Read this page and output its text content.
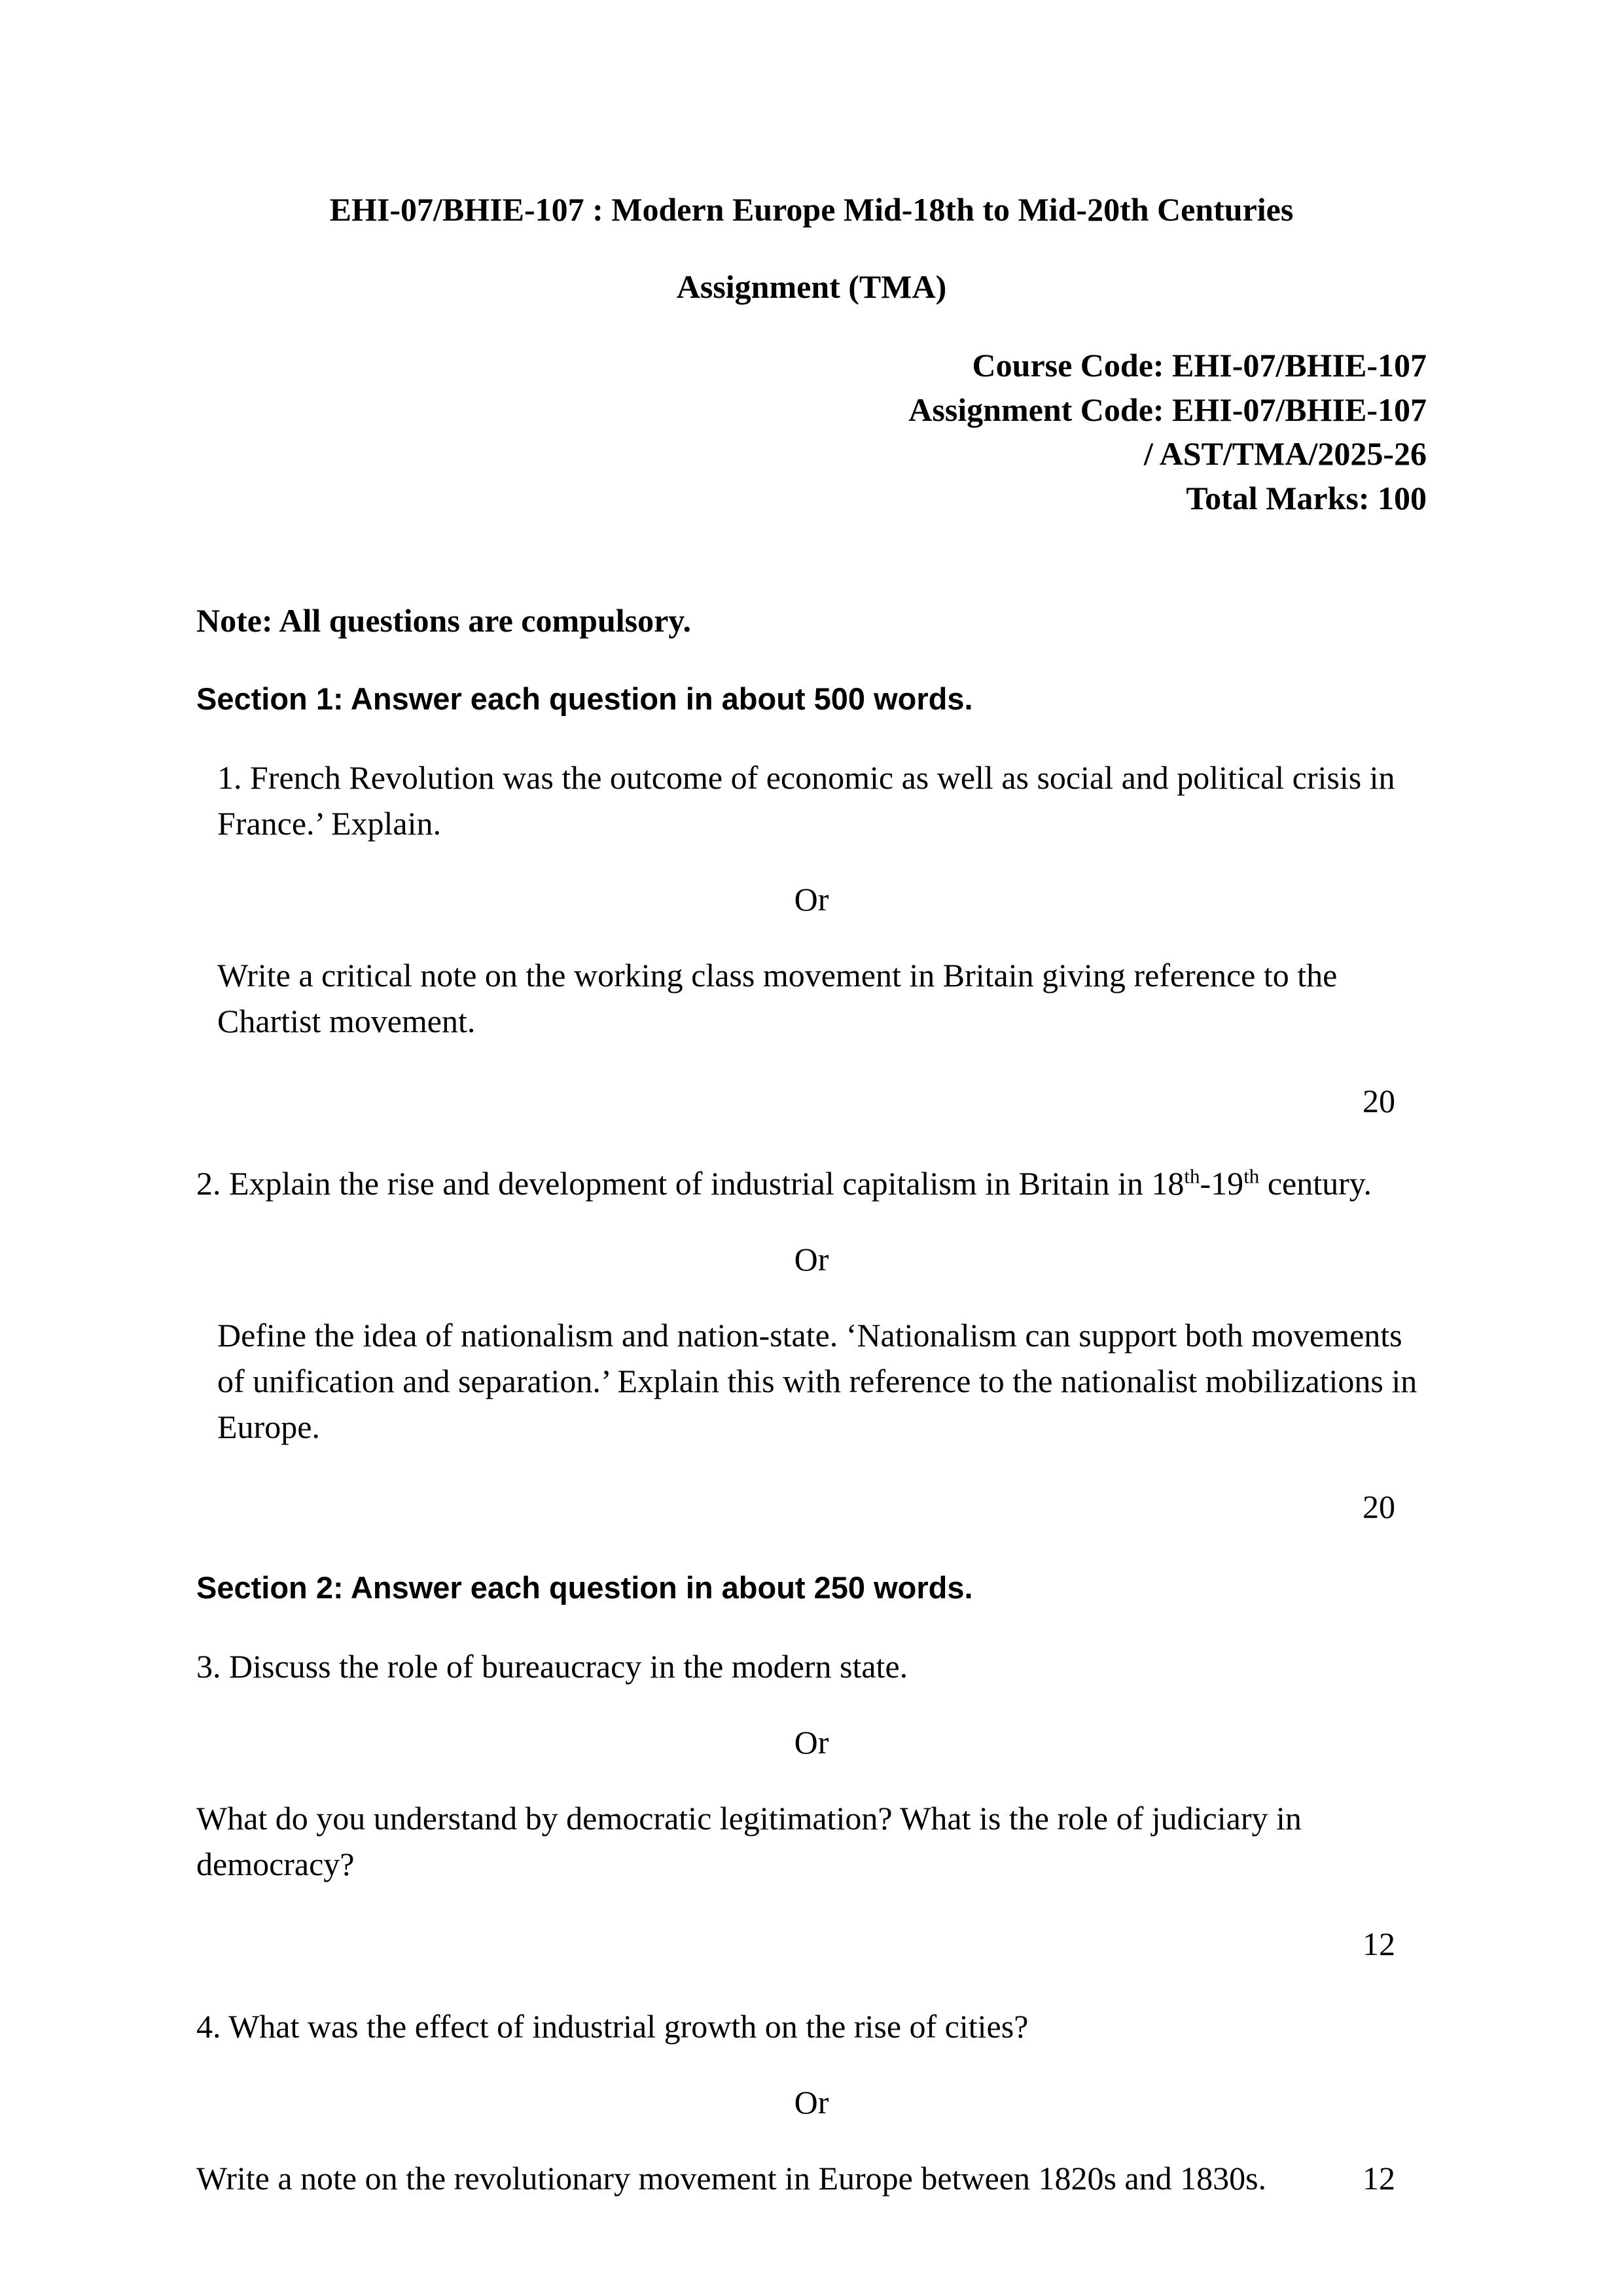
EHI-07/BHIE-107 : Modern Europe Mid-18th to Mid-20th Centuries

Assignment (TMA)

Course Code: EHI-07/BHIE-107
Assignment Code: EHI-07/BHIE-107
/ AST/TMA/2025-26
Total Marks: 100

Note: All questions are compulsory.

Section 1: Answer each question in about 500 words.

1. French Revolution was the outcome of economic as well as social and political crisis in France.’ Explain.

Or

Write a critical note on the working class movement in Britain giving reference to the Chartist movement.

20

2. Explain the rise and development of industrial capitalism in Britain in 18th-19th century.

Or

Define the idea of nationalism and nation-state. ‘Nationalism can support both movements of unification and separation.’ Explain this with reference to the nationalist mobilizations in Europe.

20

Section 2: Answer each question in about 250 words.

3. Discuss the role of bureaucracy in the modern state.

Or

What do you understand by democratic legitimation? What is the role of judiciary in democracy?

12

4. What was the effect of industrial growth on the rise of cities?

Or

Write a note on the revolutionary movement in Europe between 1820s and 1830s.	12
